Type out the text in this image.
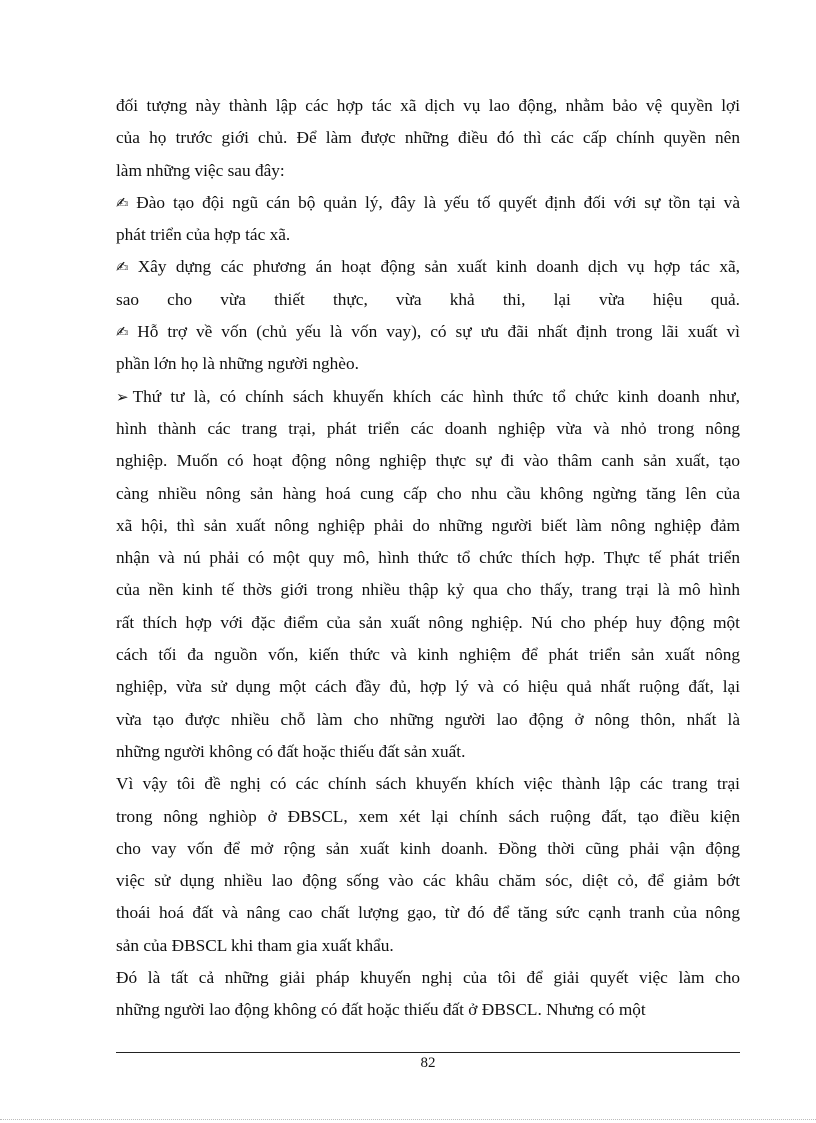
đối tượng này thành lập các hợp tác xã dịch vụ lao động, nhằm bảo vệ quyền lợi
của họ trước giới chủ. Để làm được những điều đó thì các cấp chính quyền nên
làm những việc sau đây:
✍ Đào tạo đội ngũ cán bộ quản lý, đây là yếu tố quyết định đối với sự tồn tại và
phát triển của hợp tác xã.
✍ Xây dựng các phương án hoạt động sản xuất kinh doanh dịch vụ hợp tác xã,
sao cho vừa thiết thực, vừa khả thi, lại vừa hiệu quả.
✍ Hỗ trợ về vốn (chủ yếu là vốn vay), có sự ưu đãi nhất định trong lãi xuất vì
phần lớn họ là những người nghèo.
➢ Thứ tư là, có chính sách khuyến khích các hình thức tổ chức kinh doanh như,
hình thành các trang trại, phát triển các doanh nghiệp vừa và nhỏ trong nông
nghiệp. Muốn có hoạt động nông nghiệp thực sự đi vào thâm canh sản xuất, tạo
càng nhiều nông sản hàng hoá cung cấp cho nhu cầu không ngừng tăng lên của
xã hội, thì sản xuất nông nghiệp phải do những người biết làm nông nghiệp đảm
nhận và nú phải có một quy mô, hình thức tổ chức thích hợp. Thực tế phát triển
của nền kinh tế thờs giới trong nhiều thập kỷ qua cho thấy, trang trại là mô hình
rất thích hợp với đặc điểm của sản xuất nông nghiệp. Nú cho phép huy động một
cách tối đa nguồn vốn, kiến thức và kinh nghiệm để phát triển sản xuất nông
nghiệp, vừa sử dụng một cách đầy đủ, hợp lý và có hiệu quả nhất ruộng đất, lại
vừa tạo được nhiều chỗ làm cho những người lao động ở nông thôn, nhất là
những người không có đất hoặc thiếu đất sản xuất.
Vì vậy tôi đề nghị có các chính sách khuyến khích việc thành lập các trang trại
trong nông nghiòp ở ĐBSCL, xem xét lại chính sách ruộng đất, tạo điều kiện
cho vay vốn để mở rộng sản xuất kinh doanh. Đồng thời cũng phải vận động
việc sử dụng nhiều lao động sống vào các khâu chăm sóc, diệt cỏ, để giảm bớt
thoái hoá đất và nâng cao chất lượng gạo, từ đó để tăng sức cạnh tranh của nông
sản của ĐBSCL khi tham gia xuất khẩu.
Đó là tất cả những giải pháp khuyến nghị của tôi để giải quyết việc làm cho
những người lao động không có đất hoặc thiếu đất ở ĐBSCL. Nhưng có một
82
